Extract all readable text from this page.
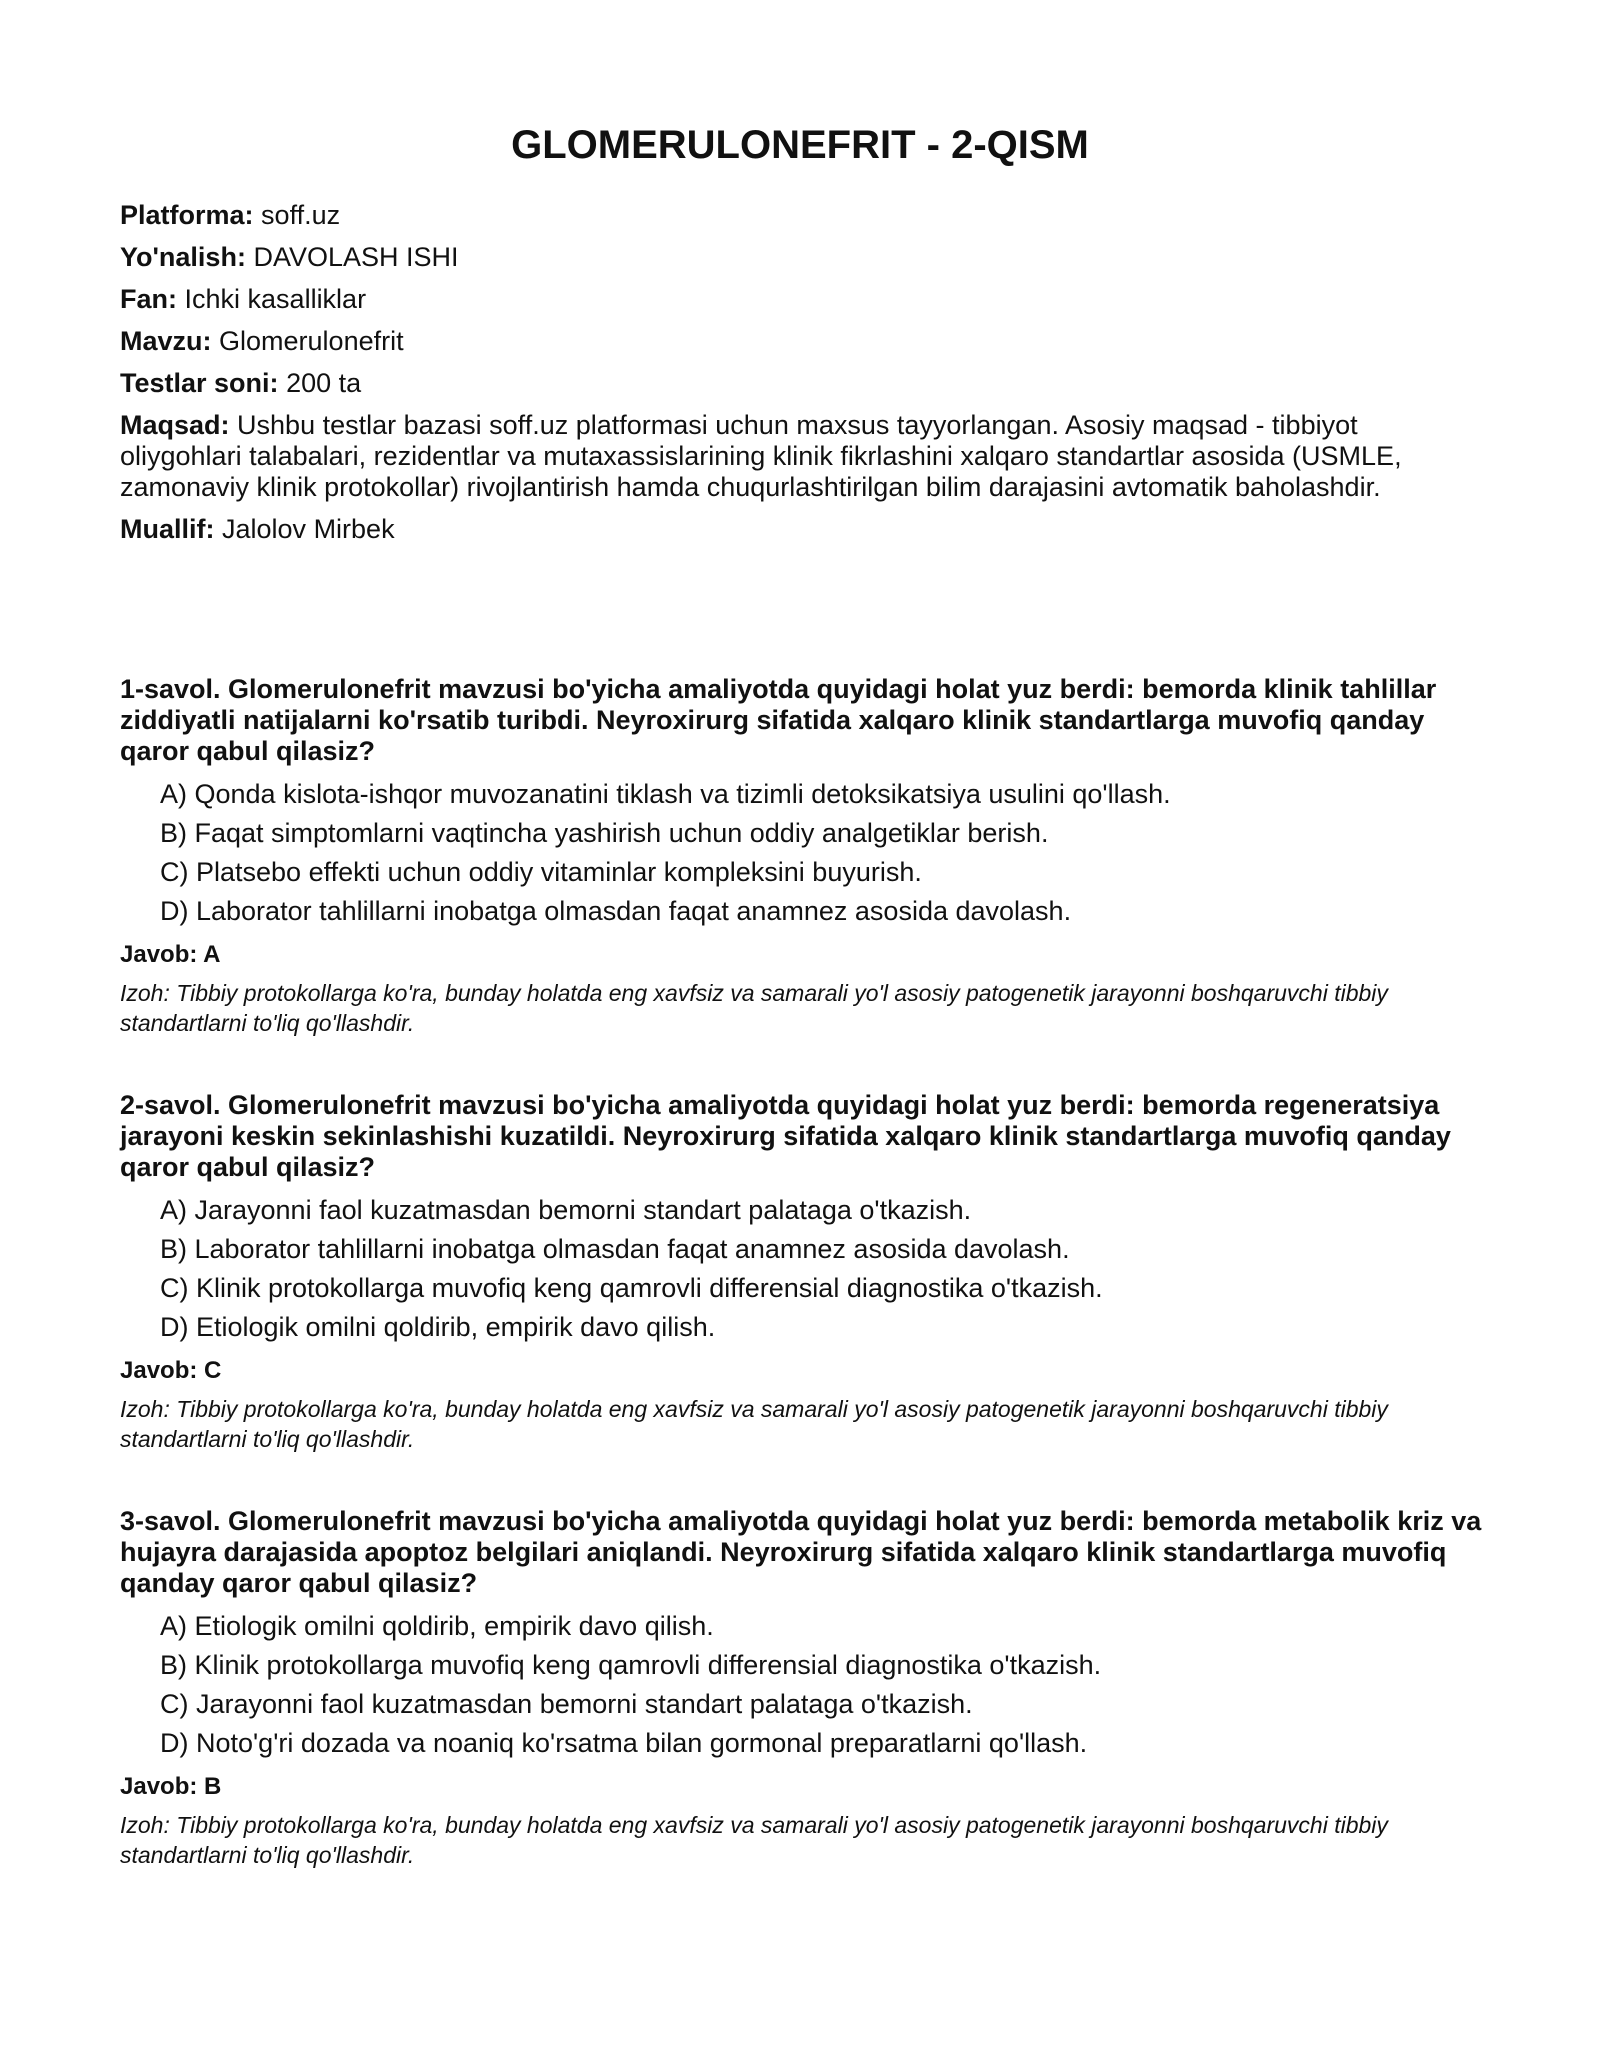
GLOMERULONEFRIT - 2-QISM

Platforma: soff.uz

Yo'nalish: DAVOLASH ISHI

Fan: Ichki kasalliklar

Mavzu: Glomerulonefrit

Testlar soni: 200 ta

Maqsad: Ushbu testlar bazasi soff.uz platformasi uchun maxsus tayyorlangan. Asosiy maqsad - tibbiyot oliygohlari talabalari, rezidentlar va mutaxassislarining klinik fikrlashini xalqaro standartlar asosida (USMLE, zamonaviy klinik protokollar) rivojlantirish hamda chuqurlashtirilgan bilim darajasini avtomatik baholashdir.

Muallif: Jalolov Mirbek

1-savol. Glomerulonefrit mavzusi bo'yicha amaliyotda quyidagi holat yuz berdi: bemorda klinik tahlillar ziddiyatli natijalarni ko'rsatib turibdi. Neyroxirurg sifatida xalqaro klinik standartlarga muvofiq qanday qaror qabul qilasiz?

A) Qonda kislota-ishqor muvozanatini tiklash va tizimli detoksikatsiya usulini qo'llash.

B) Faqat simptomlarni vaqtincha yashirish uchun oddiy analgetiklar berish.

C) Platsebo effekti uchun oddiy vitaminlar kompleksini buyurish.

D) Laborator tahlillarni inobatga olmasdan faqat anamnez asosida davolash.

Javob: A

Izoh: Tibbiy protokollarga ko'ra, bunday holatda eng xavfsiz va samarali yo'l asosiy patogenetik jarayonni boshqaruvchi tibbiy standartlarni to'liq qo'llashdir.

2-savol. Glomerulonefrit mavzusi bo'yicha amaliyotda quyidagi holat yuz berdi: bemorda regeneratsiya jarayoni keskin sekinlashishi kuzatildi. Neyroxirurg sifatida xalqaro klinik standartlarga muvofiq qanday qaror qabul qilasiz?

A) Jarayonni faol kuzatmasdan bemorni standart palataga o'tkazish.

B) Laborator tahlillarni inobatga olmasdan faqat anamnez asosida davolash.

C) Klinik protokollarga muvofiq keng qamrovli differensial diagnostika o'tkazish.

D) Etiologik omilni qoldirib, empirik davo qilish.

Javob: C

Izoh: Tibbiy protokollarga ko'ra, bunday holatda eng xavfsiz va samarali yo'l asosiy patogenetik jarayonni boshqaruvchi tibbiy standartlarni to'liq qo'llashdir.

3-savol. Glomerulonefrit mavzusi bo'yicha amaliyotda quyidagi holat yuz berdi: bemorda metabolik kriz va hujayra darajasida apoptoz belgilari aniqlandi. Neyroxirurg sifatida xalqaro klinik standartlarga muvofiq qanday qaror qabul qilasiz?

A) Etiologik omilni qoldirib, empirik davo qilish.

B) Klinik protokollarga muvofiq keng qamrovli differensial diagnostika o'tkazish.

C) Jarayonni faol kuzatmasdan bemorni standart palataga o'tkazish.

D) Noto'g'ri dozada va noaniq ko'rsatma bilan gormonal preparatlarni qo'llash.

Javob: B

Izoh: Tibbiy protokollarga ko'ra, bunday holatda eng xavfsiz va samarali yo'l asosiy patogenetik jarayonni boshqaruvchi tibbiy standartlarni to'liq qo'llashdir.
